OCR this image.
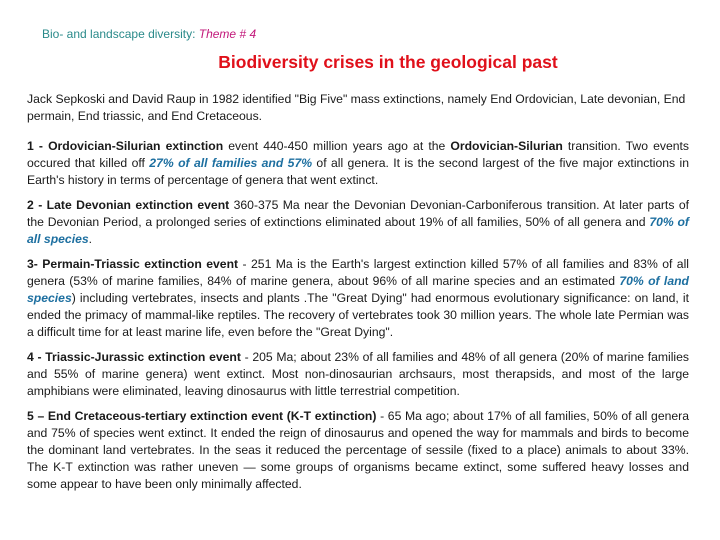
Bio- and landscape diversity: Theme # 4
Biodiversity crises in the geological past

Jack Sepkoski and David Raup in 1982 identified "Big Five" mass extinctions, namely End Ordovician, Late devonian, End permain, End triassic, and End Cretaceous.

1 - Ordovician-Silurian extinction event 440-450 million years ago at the Ordovician-Silurian transition. Two events occured that killed off 27% of all families and 57% of all genera. It is the second largest of the five major extinctions in Earth's history in terms of percentage of genera that went extinct.

2 - Late Devonian extinction event 360-375 Ma near the Devonian Devonian-Carboniferous transition. At later parts of the Devonian Period, a prolonged series of extinctions eliminated about 19% of all families, 50% of all genera and 70% of all species.

3- Permain-Triassic extinction event - 251 Ma is the Earth's largest extinction killed 57% of all families and 83% of all genera (53% of marine families, 84% of marine genera, about 96% of all marine species and an estimated 70% of land species) including vertebrates, insects and plants .The "Great Dying" had enormous evolutionary significance: on land, it ended the primacy of mammal-like reptiles. The recovery of vertebrates took 30 million years. The whole late Permian was a difficult time for at least marine life, even before the "Great Dying".

4 - Triassic-Jurassic extinction event - 205 Ma; about 23% of all families and 48% of all genera (20% of marine families and 55% of marine genera) went extinct. Most non-dinosaurian archsaurs, most therapsids, and most of the large amphibians were eliminated, leaving dinosaurus with little terrestrial competition.

5 – End Cretaceous-tertiary extinction event (K-T extinction) - 65 Ma ago; about 17% of all families, 50% of all genera and 75% of species went extinct. It ended the reign of dinosaurus and opened the way for mammals and birds to become the dominant land vertebrates. In the seas it reduced the percentage of sessile (fixed to a place) animals to about 33%. The K-T extinction was rather uneven — some groups of organisms became extinct, some suffered heavy losses and some appear to have been only minimally affected.
